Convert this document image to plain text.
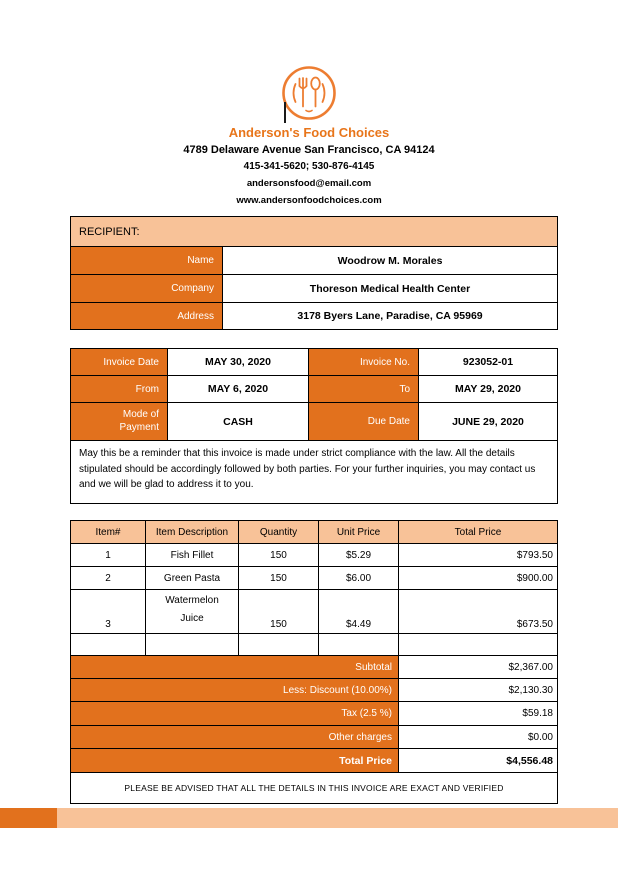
Anderson's Food Choices
4789 Delaware Avenue San Francisco, CA 94124
415-341-5620; 530-876-4145
andersonsfood@email.com
www.andersonfoodchoices.com
RECIPIENT:	
Name	Woodrow M. Morales
Company	Thoreson Medical Health Center
Address	3178 Byers Lane, Paradise, CA 95969
Invoice Date	MAY 30, 2020	Invoice No.	923052-01
From	MAY 6, 2020	To	MAY 29, 2020

Mode of Payment	CASH	Due Date	JUNE 29, 2020
May this be a reminder that this invoice is made under strict compliance with the law. All the details stipulated should be accordingly followed by both parties. For your further inquiries, you may contact us and we will be glad to address it to you.			
Item#	Item Description	Quantity	Unit Price	Total Price
1	Fish Fillet	150	$5.29	$793.50
2	Green Pasta	150	$6.00	$900.00
3	Watermelon Juice	150	$4.49	$673.50

Subtotal				$2,367.00
Less: Discount (10.00%)				$2,130.30
Tax (2.5 %)				$59.18
Other charges				$0.00
Total Price				$4,556.48
PLEASE BE ADVISED THAT ALL THE DETAILS IN THIS INVOICE ARE EXACT AND VERIFIED				
